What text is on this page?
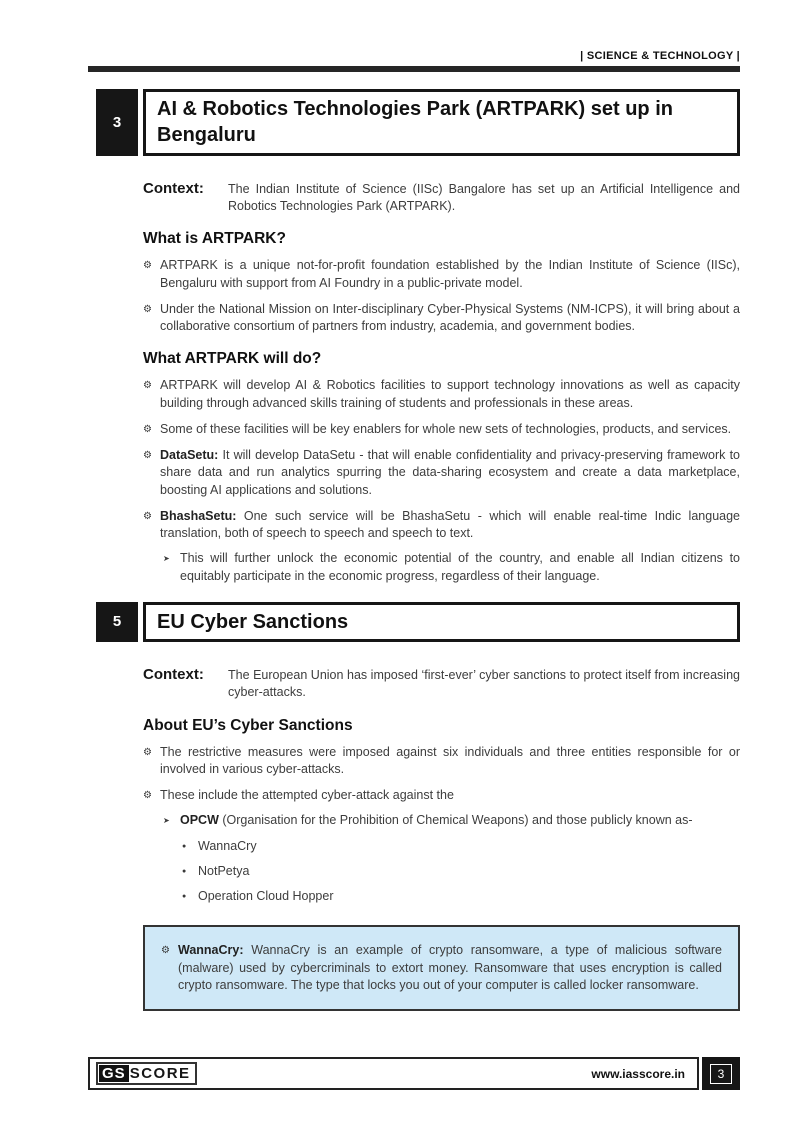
| SCIENCE & TECHNOLOGY |
3
AI & Robotics Technologies Park (ARTPARK) set up in Bengaluru
Context:	The Indian Institute of Science (IISc) Bangalore has set up an Artificial Intelligence and Robotics Technologies Park (ARTPARK).

What is ARTPARK?
⚙ ARTPARK is a unique not-for-profit foundation established by the Indian Institute of Science (IISc), Bengaluru with support from AI Foundry in a public-private model.

⚙ Under the National Mission on Inter-disciplinary Cyber-Physical Systems (NM-ICPS), it will bring about a collaborative consortium of partners from industry, academia, and government bodies.

What ARTPARK will do?
⚙ ARTPARK will develop AI & Robotics facilities to support technology innovations as well as capacity building through advanced skills training of students and professionals in these areas.

⚙ Some of these facilities will be key enablers for whole new sets of technologies, products, and services.

⚙ DataSetu: It will develop DataSetu - that will enable confidentiality and privacy-preserving framework to share data and run analytics spurring the data-sharing ecosystem and create a data marketplace, boosting AI applications and solutions.

⚙ BhashaSetu: One such service will be BhashaSetu - which will enable real-time Indic language translation, both of speech to speech and speech to text.

➤ This will further unlock the economic potential of the country, and enable all Indian citizens to equitably participate in the economic progress, regardless of their language.

5	EU Cyber Sanctions
Context:	The European Union has imposed ‘first-ever’ cyber sanctions to protect itself from increasing cyber-attacks.

About EU’s Cyber Sanctions
⚙ The restrictive measures were imposed against six individuals and three entities responsible for or involved in various cyber-attacks.

⚙ These include the attempted cyber-attack against the

➤ OPCW (Organisation for the Prohibition of Chemical Weapons) and those publicly known as-

● WannaCry

● NotPetya

● Operation Cloud Hopper

⚙ WannaCry: WannaCry is an example of crypto ransomware, a type of malicious software (malware) used by cybercriminals to extort money. Ransomware that uses encryption is called crypto ransomware. The type that locks you out of your computer is called locker ransomware.

GS SCORE	www.iasscore.in	3
